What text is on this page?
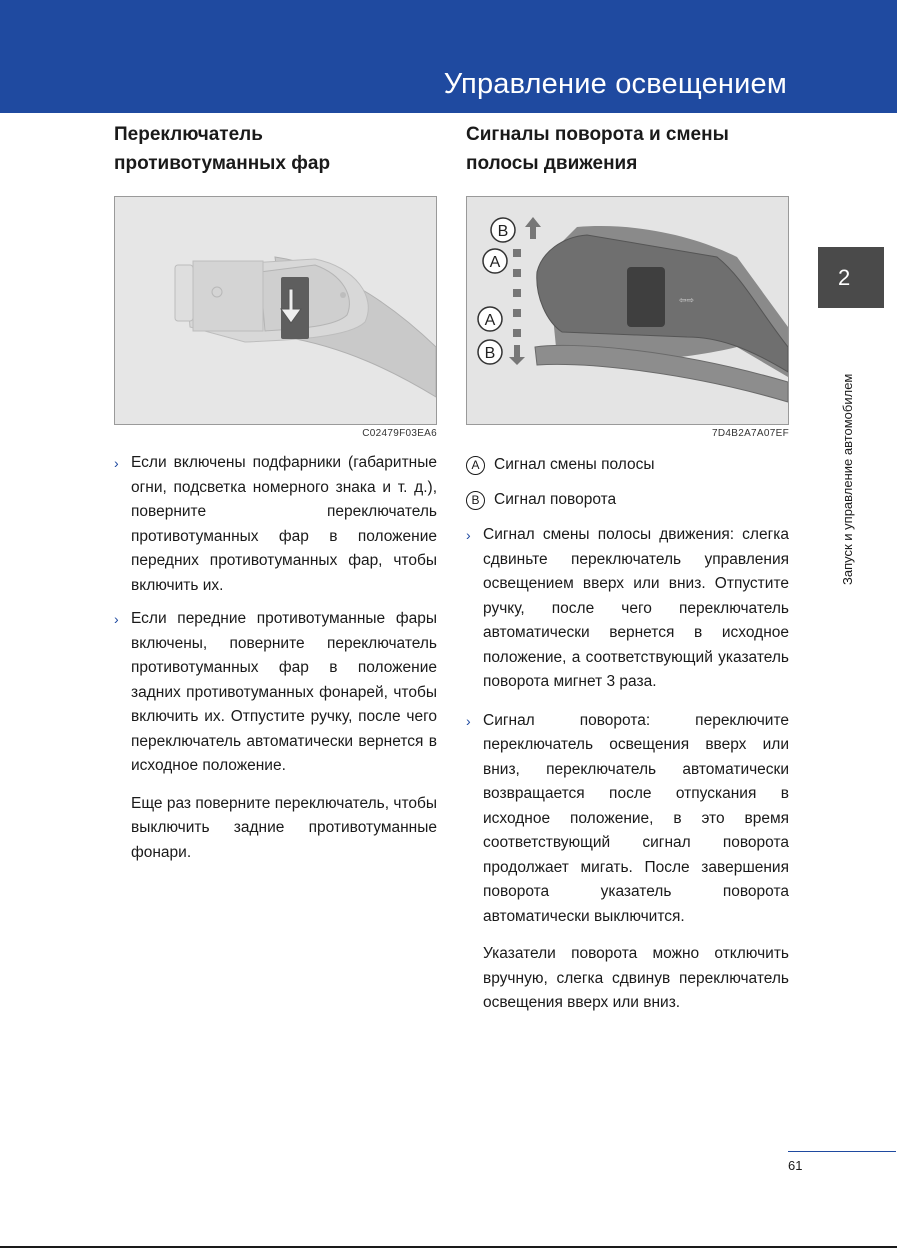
Управление освещением
2
Запуск и управление автомобилем
Переключатель
противотуманных фар
C02479F03EA6

› Если включены подфарники (габаритные огни, подсветка номерного знака и т. д.), поверните переключатель противотуманных фар в положение передних противотуманных фар, чтобы включить их.

› Если передние противотуманные фары включены, поверните переключатель противотуманных фар в положение задних противотуманных фонарей, чтобы включить их. Отпустите ручку, после чего переключатель автоматически вернется в исходное положение.

Еще раз поверните переключатель, чтобы выключить задние противотуманные фонари.

Сигналы поворота и смены
полосы движения
⇦⇨
B
A
A
B
7D4B2A7A07EF
A Сигнал смены полосы
B Сигнал поворота

› Сигнал смены полосы движения: слегка сдвиньте переключатель управления освещением вверх или вниз. Отпустите ручку, после чего переключатель автоматически вернется в исходное положение, а соответствующий указатель поворота мигнет 3 раза.

› Сигнал поворота: переключите переключатель освещения вверх или вниз, переключатель автоматически возвращается после отпускания в исходное положение, в это время соответствующий сигнал поворота продолжает мигать. После завершения поворота указатель поворота автоматически выключится.

Указатели поворота можно отключить вручную, слегка сдвинув переключатель освещения вверх или вниз.

61
